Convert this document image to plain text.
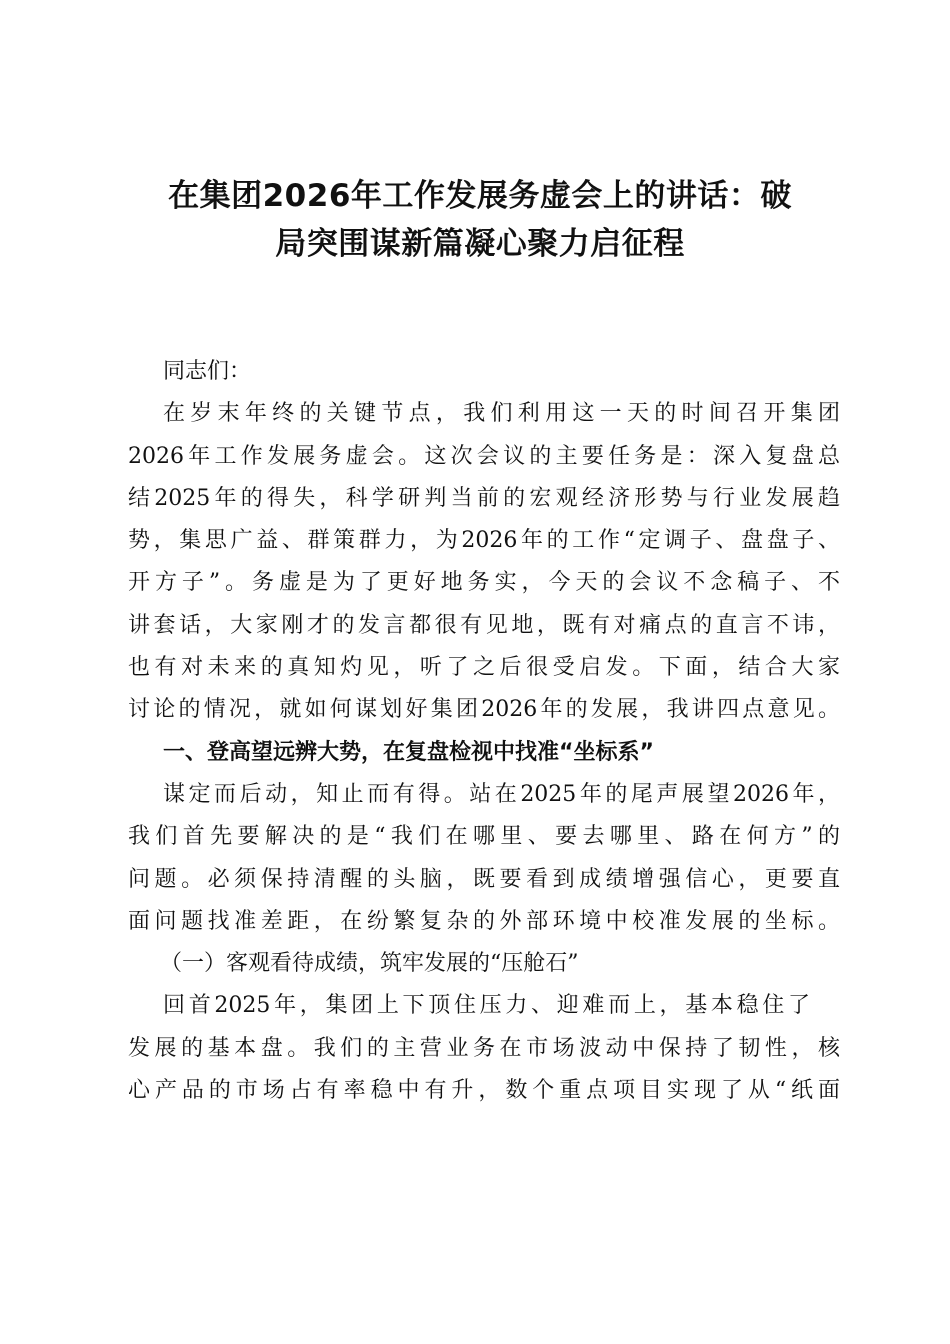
在集团2026年工作发展务虚会上的讲话：破
局突围谋新篇凝心聚力启征程
同志们：
在岁末年终的关键节点，我们利用这一天的时间召开集团
2026年工作发展务虚会。这次会议的主要任务是：深入复盘总
结2025年的得失，科学研判当前的宏观经济形势与行业发展趋
势，集思广益、群策群力，为2026年的工作“定调子、盘盘子、
开方子”。务虚是为了更好地务实，今天的会议不念稿子、不
讲套话，大家刚才的发言都很有见地，既有对痛点的直言不讳，
也有对未来的真知灼见，听了之后很受启发。下面，结合大家
讨论的情况，就如何谋划好集团2026年的发展，我讲四点意见。
一、登高望远辨大势，在复盘检视中找准“坐标系”
谋定而后动，知止而有得。站在2025年的尾声展望2026年，
我们首先要解决的是“我们在哪里、要去哪里、路在何方”的
问题。必须保持清醒的头脑，既要看到成绩增强信心，更要直
面问题找准差距，在纷繁复杂的外部环境中校准发展的坐标。
（一）客观看待成绩，筑牢发展的“压舱石”
回首2025年，集团上下顶住压力、迎难而上，基本稳住了
发展的基本盘。我们的主营业务在市场波动中保持了韧性，核
心产品的市场占有率稳中有升，数个重点项目实现了从“纸面
